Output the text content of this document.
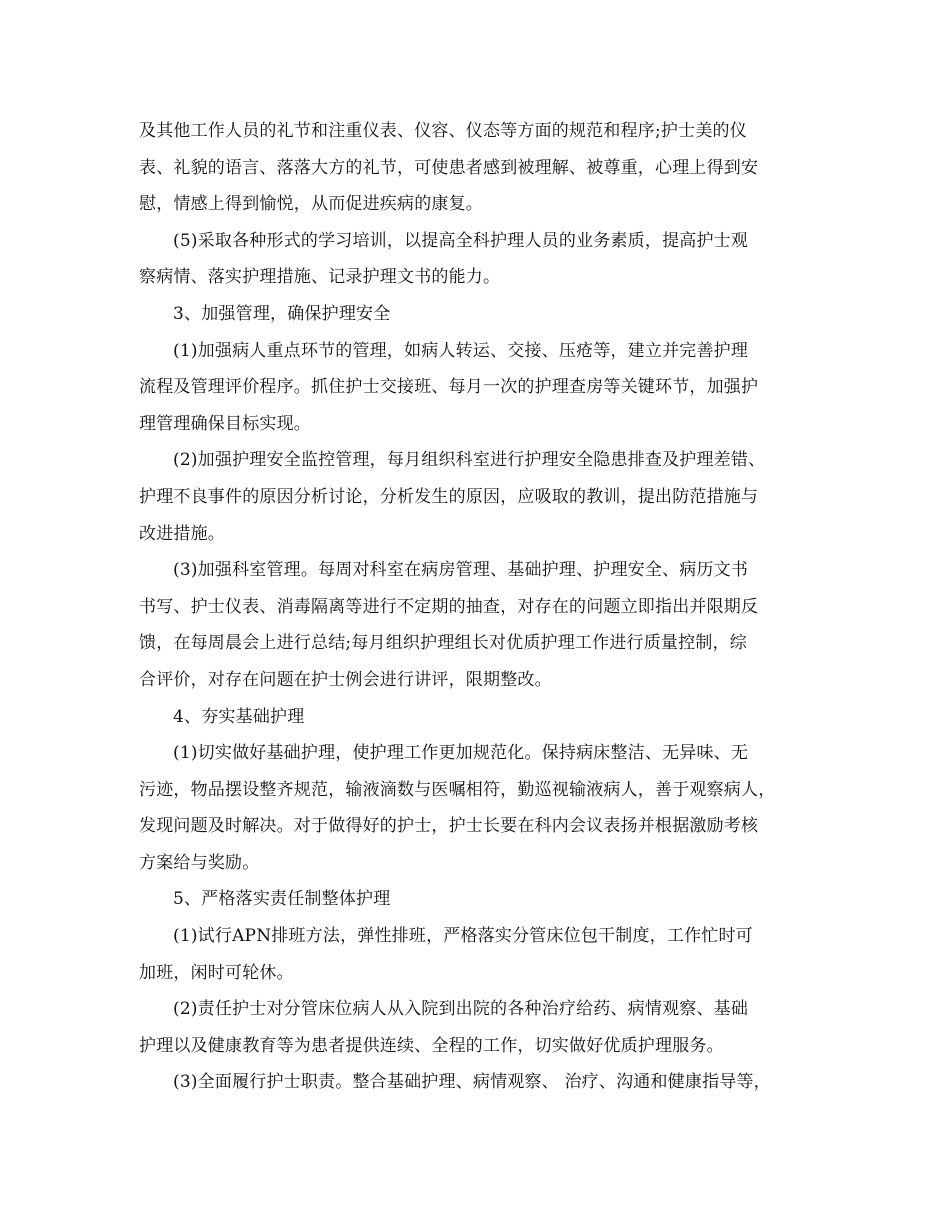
及其他工作人员的礼节和注重仪表、仪容、仪态等方面的规范和程序;护士美的仪
表、礼貌的语言、落落大方的礼节，可使患者感到被理解、被尊重，心理上得到安
慰，情感上得到愉悦，从而促进疾病的康复。
(5)采取各种形式的学习培训，以提高全科护理人员的业务素质，提高护士观
察病情、落实护理措施、记录护理文书的能力。
3、加强管理，确保护理安全
(1)加强病人重点环节的管理，如病人转运、交接、压疮等，建立并完善护理
流程及管理评价程序。抓住护士交接班、每月一次的护理查房等关键环节，加强护
理管理确保目标实现。
(2)加强护理安全监控管理，每月组织科室进行护理安全隐患排查及护理差错、
护理不良事件的原因分析讨论，分析发生的原因，应吸取的教训，提出防范措施与
改进措施。
(3)加强科室管理。每周对科室在病房管理、基础护理、护理安全、病历文书
书写、护士仪表、消毒隔离等进行不定期的抽查，对存在的问题立即指出并限期反
馈，在每周晨会上进行总结;每月组织护理组长对优质护理工作进行质量控制，综
合评价，对存在问题在护士例会进行讲评，限期整改。
4、夯实基础护理
(1)切实做好基础护理，使护理工作更加规范化。保持病床整洁、无异味、无
污迹，物品摆设整齐规范，输液滴数与医嘱相符，勤巡视输液病人，善于观察病人，
发现问题及时解决。对于做得好的护士，护士长要在科内会议表扬并根据激励考核
方案给与奖励。
5、严格落实责任制整体护理
(1)试行APN排班方法，弹性排班，严格落实分管床位包干制度，工作忙时可
加班，闲时可轮休。
(2)责任护士对分管床位病人从入院到出院的各种治疗给药、病情观察、基础
护理以及健康教育等为患者提供连续、全程的工作，切实做好优质护理服务。
(3)全面履行护士职责。整合基础护理、病情观察、 治疗、沟通和健康指导等，
